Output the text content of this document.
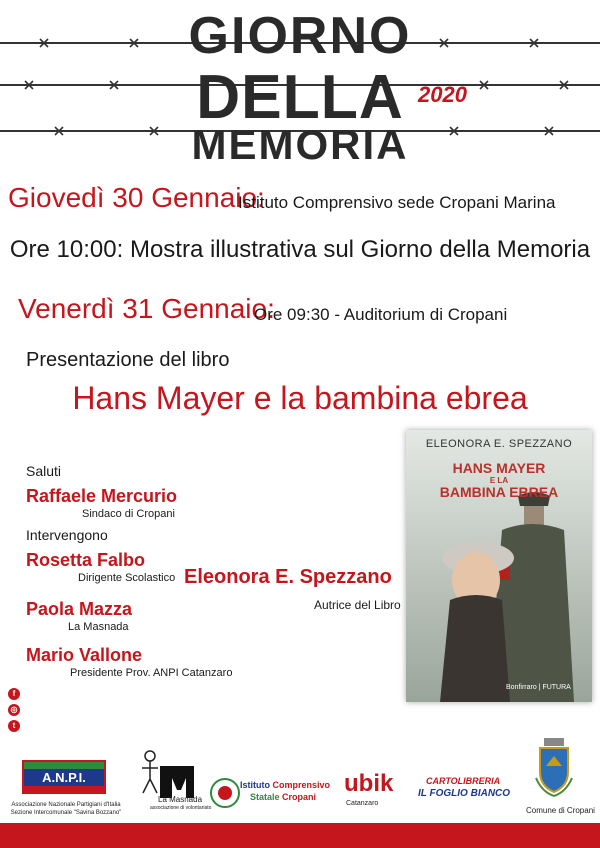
GIORNO
DELLA 2020
MEMORIA
Giovedì 30 Gennaio:
Istituto Comprensivo sede Cropani Marina
Ore 10:00: Mostra illustrativa sul Giorno della Memoria
Venerdì 31 Gennaio:
Ore 09:30 - Auditorium di Cropani
Presentazione del libro
Hans Mayer e la bambina ebrea
Saluti
Raffaele Mercurio
Sindaco di Cropani
Intervengono
Rosetta Falbo
Dirigente Scolastico
Paola Mazza
La Masnada
Mario Vallone
Presidente Prov. ANPI Catanzaro
Eleonora E. Spezzano
Autrice del Libro
ELEONORA E. SPEZZANO
HANS MAYER
E LA
BAMBINA EBREA
Bonfirraro | FUTURA
f
◎
t
A.N.P.I.
Associazione Nazionale Partigiani d'Italia
Sezione Intercomunale "Savina Bozzano"
La Masnada
associazione di volontariato
Istituto Comprensivo
Statale Cropani ubik
Catanzaro
CARTOLIBRERIA
IL FOGLIO BIANCO
Comune di Cropani
